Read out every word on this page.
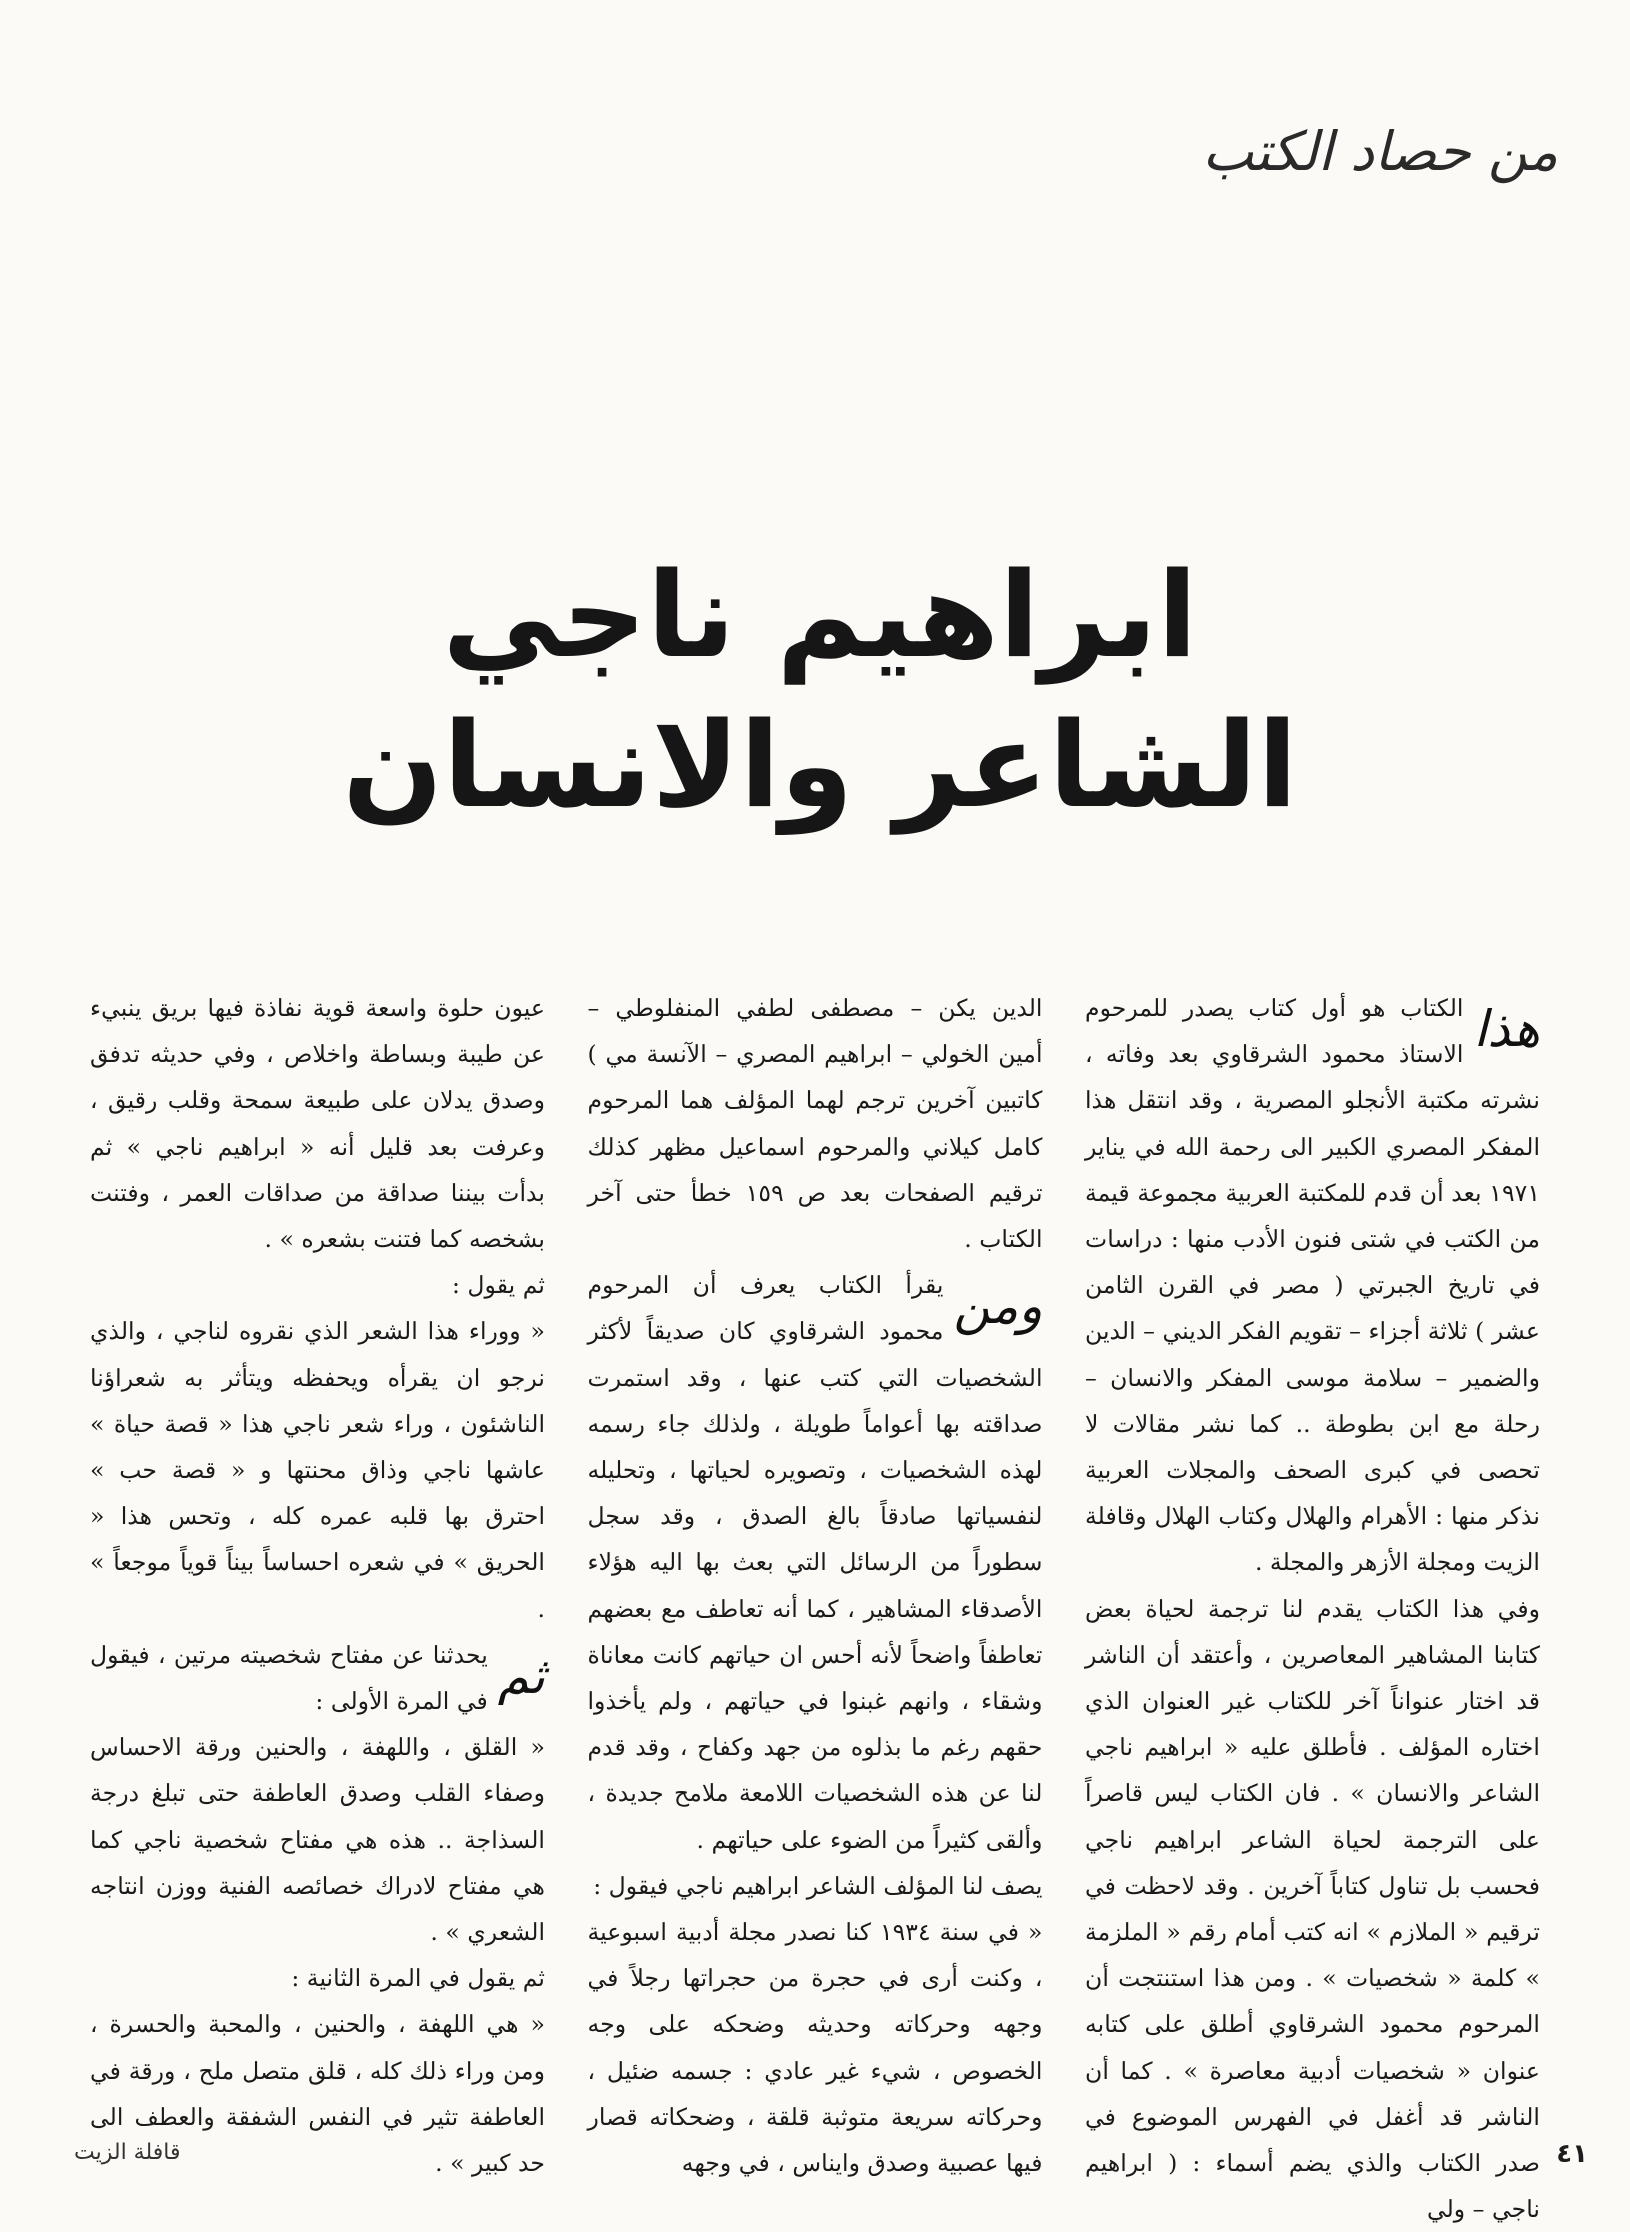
من حصاد الكتب
ابراهيم ناجي
الشاعر والانسان

هذا
الكتاب هو أول كتاب يصدر للمرحوم الاستاذ محمود الشرقاوي بعد وفاته ، نشرته مكتبة الأنجلو المصرية ، وقد انتقل هذا المفكر المصري الكبير الى رحمة الله في يناير ١٩٧١ بعد أن قدم للمكتبة العربية مجموعة قيمة من الكتب في شتى فنون الأدب منها : دراسات في تاريخ الجبرتي ( مصر في القرن الثامن عشر ) ثلاثة أجزاء – تقويم الفكر الديني – الدين والضمير – سلامة موسى المفكر والانسان – رحلة مع ابن بطوطة .. كما نشر مقالات لا تحصى في كبرى الصحف والمجلات العربية نذكر منها : الأهرام والهلال وكتاب الهلال وقافلة الزيت ومجلة الأزهر والمجلة .

وفي هذا الكتاب يقدم لنا ترجمة لحياة بعض كتابنا المشاهير المعاصرين ، وأعتقد أن الناشر قد اختار عنواناً آخر للكتاب غير العنوان الذي اختاره المؤلف . فأطلق عليه « ابراهيم ناجي الشاعر والانسان » . فان الكتاب ليس قاصراً على الترجمة لحياة الشاعر ابراهيم ناجي فحسب بل تناول كتاباً آخرين . وقد لاحظت في ترقيم « الملازم » انه كتب أمام رقم « الملزمة » كلمة « شخصيات » . ومن هذا استنتجت أن المرحوم محمود الشرقاوي أطلق على كتابه عنوان « شخصيات أدبية معاصرة » . كما أن الناشر قد أغفل في الفهرس الموضوع في صدر الكتاب والذي يضم أسماء : ( ابراهيم ناجي – ولي

الدين يكن – مصطفى لطفي المنفلوطي – أمين الخولي – ابراهيم المصري – الآنسة مي ) كاتبين آخرين ترجم لهما المؤلف هما المرحوم كامل كيلاني والمرحوم اسماعيل مظهر كذلك ترقيم الصفحات بعد ص ١٥٩ خطأ حتى آخر الكتاب .

ومن
يقرأ الكتاب يعرف أن المرحوم محمود الشرقاوي كان صديقاً لأكثر الشخصيات التي كتب عنها ، وقد استمرت صداقته بها أعواماً طويلة ، ولذلك جاء رسمه لهذه الشخصيات ، وتصويره لحياتها ، وتحليله لنفسياتها صادقاً بالغ الصدق ، وقد سجل سطوراً من الرسائل التي بعث بها اليه هؤلاء الأصدقاء المشاهير ، كما أنه تعاطف مع بعضهم تعاطفاً واضحاً لأنه أحس ان حياتهم كانت معاناة وشقاء ، وانهم غبنوا في حياتهم ، ولم يأخذوا حقهم رغم ما بذلوه من جهد وكفاح ، وقد قدم لنا عن هذه الشخصيات اللامعة ملامح جديدة ، وألقى كثيراً من الضوء على حياتهم .

يصف لنا المؤلف الشاعر ابراهيم ناجي فيقول :

« في سنة ١٩٣٤ كنا نصدر مجلة أدبية اسبوعية ، وكنت أرى في حجرة من حجراتها رجلاً في وجهه وحركاته وحديثه وضحكه على وجه الخصوص ، شيء غير عادي : جسمه ضئيل ، وحركاته سريعة متوثبة قلقة ، وضحكاته قصار فيها عصبية وصدق وايناس ، في وجهه

عيون حلوة واسعة قوية نفاذة فيها بريق ينبيء عن طيبة وبساطة واخلاص ، وفي حديثه تدفق وصدق يدلان على طبيعة سمحة وقلب رقيق ، وعرفت بعد قليل أنه « ابراهيم ناجي » ثم بدأت بيننا صداقة من صداقات العمر ، وفتنت بشخصه كما فتنت بشعره » .

ثم يقول :

« ووراء هذا الشعر الذي نقروه لناجي ، والذي نرجو ان يقرأه ويحفظه ويتأثر به شعراؤنا الناشئون ، وراء شعر ناجي هذا « قصة حياة » عاشها ناجي وذاق محنتها و « قصة حب » احترق بها قلبه عمره كله ، وتحس هذا « الحريق » في شعره احساساً بيناً قوياً موجعاً » .

ثم
يحدثنا عن مفتاح شخصيته مرتين ، فيقول في المرة الأولى :

« القلق ، واللهفة ، والحنين ورقة الاحساس وصفاء القلب وصدق العاطفة حتى تبلغ درجة السذاجة .. هذه هي مفتاح شخصية ناجي كما هي مفتاح لادراك خصائصه الفنية ووزن انتاجه الشعري » .

ثم يقول في المرة الثانية :

« هي اللهفة ، والحنين ، والمحبة والحسرة ، ومن وراء ذلك كله ، قلق متصل ملح ، ورقة في العاطفة تثير في النفس الشفقة والعطف الى حد كبير » .	٤١
قافلة الزيت
